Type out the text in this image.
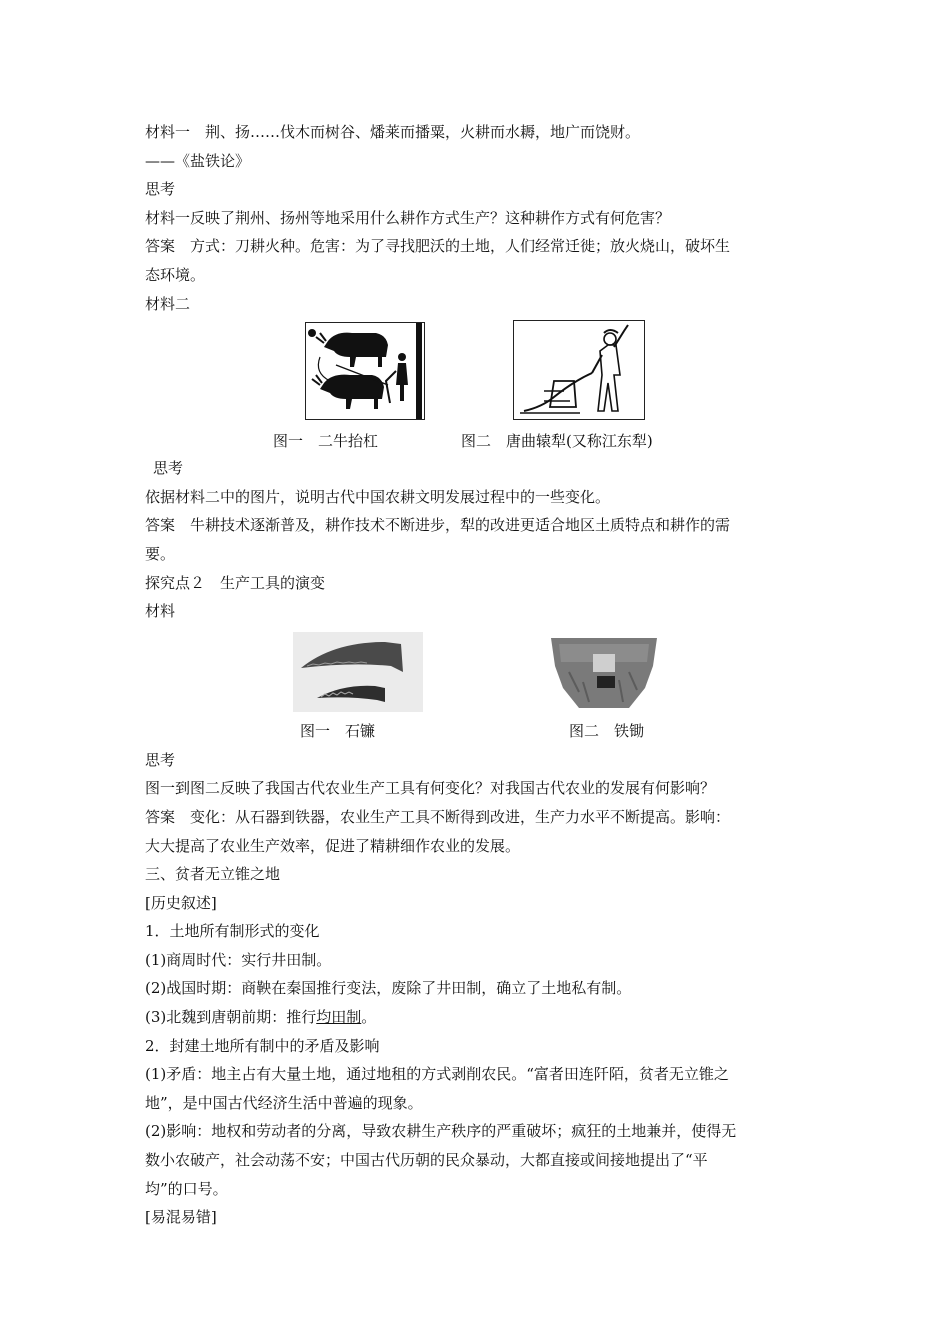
材料一　荆、扬……伐木而树谷、燔莱而播粟，火耕而水耨，地广而饶财。
——《盐铁论》
思考
材料一反映了荆州、扬州等地采用什么耕作方式生产？这种耕作方式有何危害？
答案　方式：刀耕火种。危害：为了寻找肥沃的土地，人们经常迁徙；放火烧山，破坏生
态环境。
材料二
图一　二牛抬杠	图二　唐曲辕犁(又称江东犁)
思考
依据材料二中的图片，说明古代中国农耕文明发展过程中的一些变化。
答案　牛耕技术逐渐普及，耕作技术不断进步，犁的改进更适合地区土质特点和耕作的需
要。
探究点２　生产工具的演变
材料
图一　石镰	图二　铁锄
思考
图一到图二反映了我国古代农业生产工具有何变化？对我国古代农业的发展有何影响？
答案　变化：从石器到铁器，农业生产工具不断得到改进，生产力水平不断提高。影响：
大大提高了农业生产效率，促进了精耕细作农业的发展。
三、贫者无立锥之地
[历史叙述]
1．土地所有制形式的变化
(1)商周时代：实行井田制。
(2)战国时期：商鞅在秦国推行变法，废除了井田制，确立了土地私有制。
(3)北魏到唐朝前期：推行均田制。
2．封建土地所有制中的矛盾及影响
(1)矛盾：地主占有大量土地，通过地租的方式剥削农民。“富者田连阡陌，贫者无立锥之
地”，是中国古代经济生活中普遍的现象。
(2)影响：地权和劳动者的分离，导致农耕生产秩序的严重破坏；疯狂的土地兼并，使得无
数小农破产，社会动荡不安；中国古代历朝的民众暴动，大都直接或间接地提出了“平
均”的口号。
[易混易错]
